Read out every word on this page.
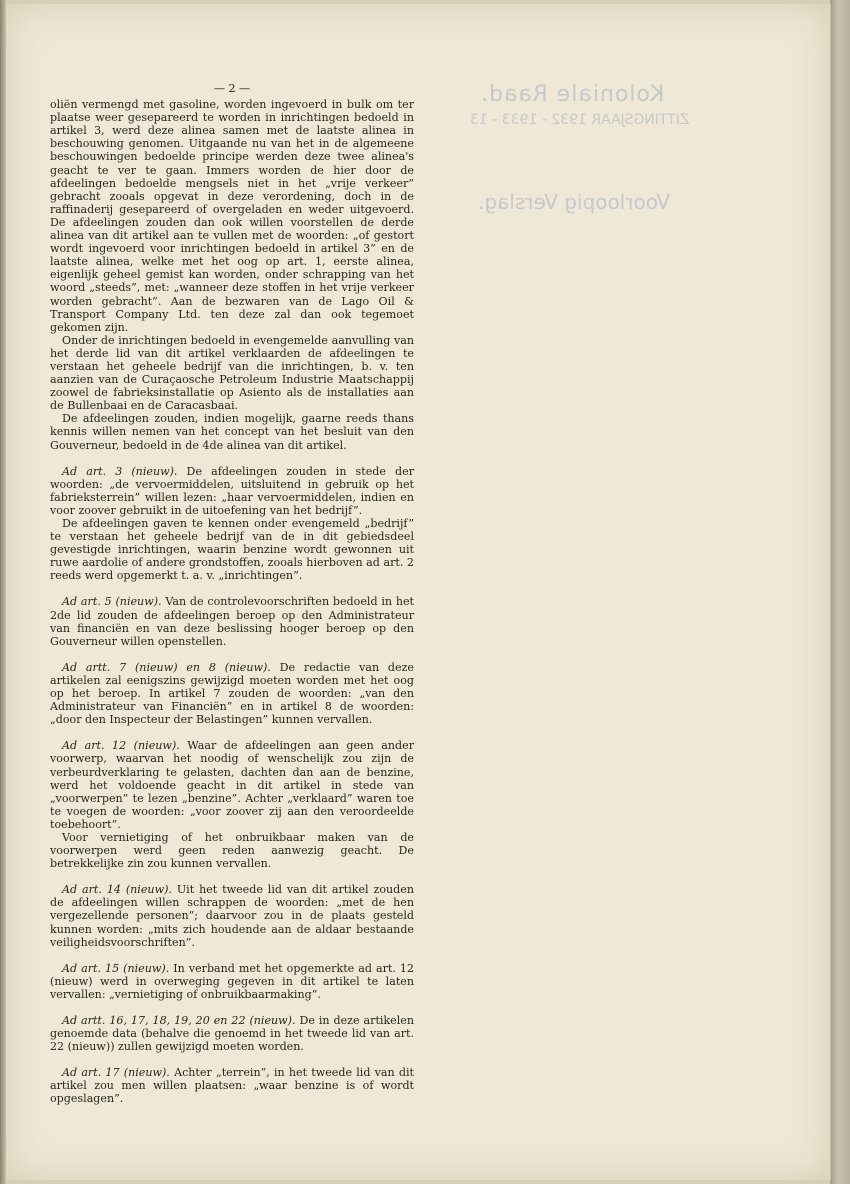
Koloniale Raad.
ZITTINGSJAAR 1932 - 1933 - 13
Voorloopig Verslag.
— 2 —

oliën vermengd met gasoline, worden ingevoerd in bulk om ter plaatse weer gesepareerd te worden in inrichtingen bedoeld in artikel 3, werd deze alinea samen met de laatste alinea in beschouwing genomen. Uitgaande nu van het in de algemeene beschouwingen bedoelde principe werden deze twee alinea's geacht te ver te gaan. Immers worden de hier door de afdeelingen bedoelde mengsels niet in het „vrije verkeer” gebracht zooals opgevat in deze verordening, doch in de raffinaderij gesepareerd of overgeladen en weder uitgevoerd. De afdeelingen zouden dan ook willen voorstellen de derde alinea van dit artikel aan te vullen met de woorden: „of gestort wordt ingevoerd voor inrichtingen bedoeld in artikel 3” en de laatste alinea, welke met het oog op art. 1, eerste alinea, eigenlijk geheel gemist kan worden, onder schrapping van het woord „steeds”, met: „wanneer deze stoffen in het vrije verkeer worden gebracht”. Aan de bezwaren van de Lago Oil & Transport Company Ltd. ten deze zal dan ook tegemoet gekomen zijn.

Onder de inrichtingen bedoeld in evengemelde aanvulling van het derde lid van dit artikel verklaarden de afdeelingen te verstaan het geheele bedrijf van die inrichtingen, b. v. ten aanzien van de Curaçaosche Petroleum Industrie Maatschappij zoowel de fabrieksinstallatie op Asiento als de installaties aan de Bullenbaai en de Caracasbaai.

De afdeelingen zouden, indien mogelijk, gaarne reeds thans kennis willen nemen van het concept van het besluit van den Gouverneur, bedoeld in de 4de alinea van dit artikel.

Ad art. 3 (nieuw). De afdeelingen zouden in stede der woorden: „de vervoermiddelen, uitsluitend in gebruik op het fabrieksterrein” willen lezen: „haar vervoermiddelen, indien en voor zoover gebruikt in de uitoefening van het bedrijf”.

De afdeelingen gaven te kennen onder evengemeld „bedrijf” te verstaan het geheele bedrijf van de in dit gebiedsdeel gevestigde inrichtingen, waarin benzine wordt gewonnen uit ruwe aardolie of andere grondstoffen, zooals hierboven ad art. 2 reeds werd opgemerkt t. a. v. „inrichtingen”.

Ad art. 5 (nieuw). Van de controlevoorschriften bedoeld in het 2de lid zouden de afdeelingen beroep op den Administrateur van financiën en van deze beslissing hooger beroep op den Gouverneur willen openstellen.

Ad artt. 7 (nieuw) en 8 (nieuw). De redactie van deze artikelen zal eenigszins gewijzigd moeten worden met het oog op het beroep. In artikel 7 zouden de woorden: „van den Administrateur van Financiën” en in artikel 8 de woorden: „door den Inspecteur der Belastingen” kunnen vervallen.

Ad art. 12 (nieuw). Waar de afdeelingen aan geen ander voorwerp, waarvan het noodig of wenschelijk zou zijn de verbeurdverklaring te gelasten, dachten dan aan de benzine, werd het voldoende geacht in dit artikel in stede van „voorwerpen” te lezen „benzine”. Achter „verklaard” waren toe te voegen de woorden: „voor zoover zij aan den veroordeelde toebehoort”.

Voor vernietiging of het onbruikbaar maken van de voorwerpen werd geen reden aanwezig geacht. De betrekkelijke zin zou kunnen vervallen.

Ad art. 14 (nieuw). Uit het tweede lid van dit artikel zouden de afdeelingen willen schrappen de woorden: „met de hen vergezellende personen”; daarvoor zou in de plaats gesteld kunnen worden: „mits zich houdende aan de aldaar bestaande veiligheidsvoorschriften”.

Ad art. 15 (nieuw). In verband met het opgemerkte ad art. 12 (nieuw) werd in overweging gegeven in dit artikel te laten vervallen: „vernietiging of onbruikbaarmaking”.

Ad artt. 16, 17, 18, 19, 20 en 22 (nieuw). De in deze artikelen genoemde data (behalve die genoemd in het tweede lid van art. 22 (nieuw)) zullen gewijzigd moeten worden.

Ad art. 17 (nieuw). Achter „terrein”, in het tweede lid van dit artikel zou men willen plaatsen: „waar benzine is of wordt opgeslagen”.
